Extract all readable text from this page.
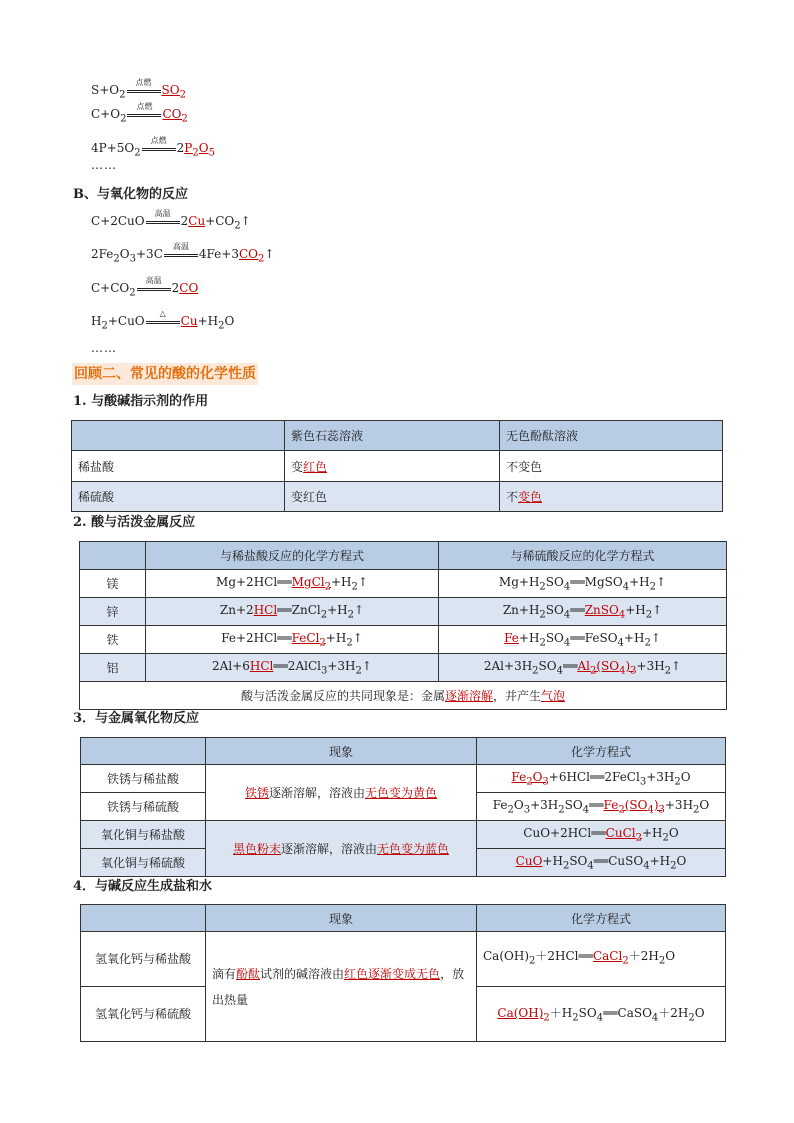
$S+O_2$
点燃
$SO_2$
$C+O_2$
点燃
$CO_2$
$4P+5O_2$
点燃
$2P_2O_5$
……
B、与氧化物的反应
C+2CuO
高温
$2Cu+CO_2↑$
$2Fe_2O_3+3C$
高温
$4Fe+3CO_2↑$
$C+CO_2$
高温
2CO
$H_2+CuO$
△
$Cu+H_2O$
……
回顾二、常见的酸的化学性质
1. 与酸碱指示剂的作用
	紫色石蕊溶液	无色酚酞溶液
稀盐酸	变红色	不变色
稀硫酸	变红色	不变色
2. 酸与活泼金属反应
	与稀盐酸反应的化学方程式	与稀硫酸反应的化学方程式
镁	$Mg+2HCl══MgCl_2+H_2↑$	$Mg+H_2SO_4══MgSO_4+H_2↑$
锌	$Zn+2HCl══ZnCl_2+H_2↑$	$Zn+H_2SO_4══ZnSO_4+H_2↑$
铁	$Fe+2HCl══FeCl_2+H_2↑$	$Fe+H_2SO_4══FeSO_4+H_2↑$
铝	$2Al+6HCl══2AlCl_3+3H_2↑$	$2Al+3H_2SO_4══Al_2(SO_4)_3+3H_2↑$
酸与活泼金属反应的共同现象是：金属逐渐溶解，并产生气泡		
3．与金属氧化物反应
	现象	化学方程式
铁锈与稀盐酸	铁锈逐渐溶解，溶液由无色变为黄色	$Fe_2O_3+6HCl══2FeCl_3+3H_2O$
铁锈与稀硫酸		$Fe_2O_3+3H_2SO_4══Fe_2(SO_4)_3+3H_2O$
氧化铜与稀盐酸	黑色粉末逐渐溶解，溶液由无色变为蓝色	$CuO+2HCl══CuCl_2+H_2O$
氧化铜与稀硫酸		$CuO+H_2SO_4══CuSO_4+H_2O$
4．与碱反应生成盐和水
	现象	化学方程式
氢氧化钙与稀盐酸	滴有酚酞试剂的碱溶液由红色逐渐变成无色，放出热量	$Ca(OH)_2+2HCl══CaCl_2+2H_2O$
氢氧化钙与稀硫酸		$Ca(OH)_2+H_2SO_4══CaSO_4+2H_2O$
